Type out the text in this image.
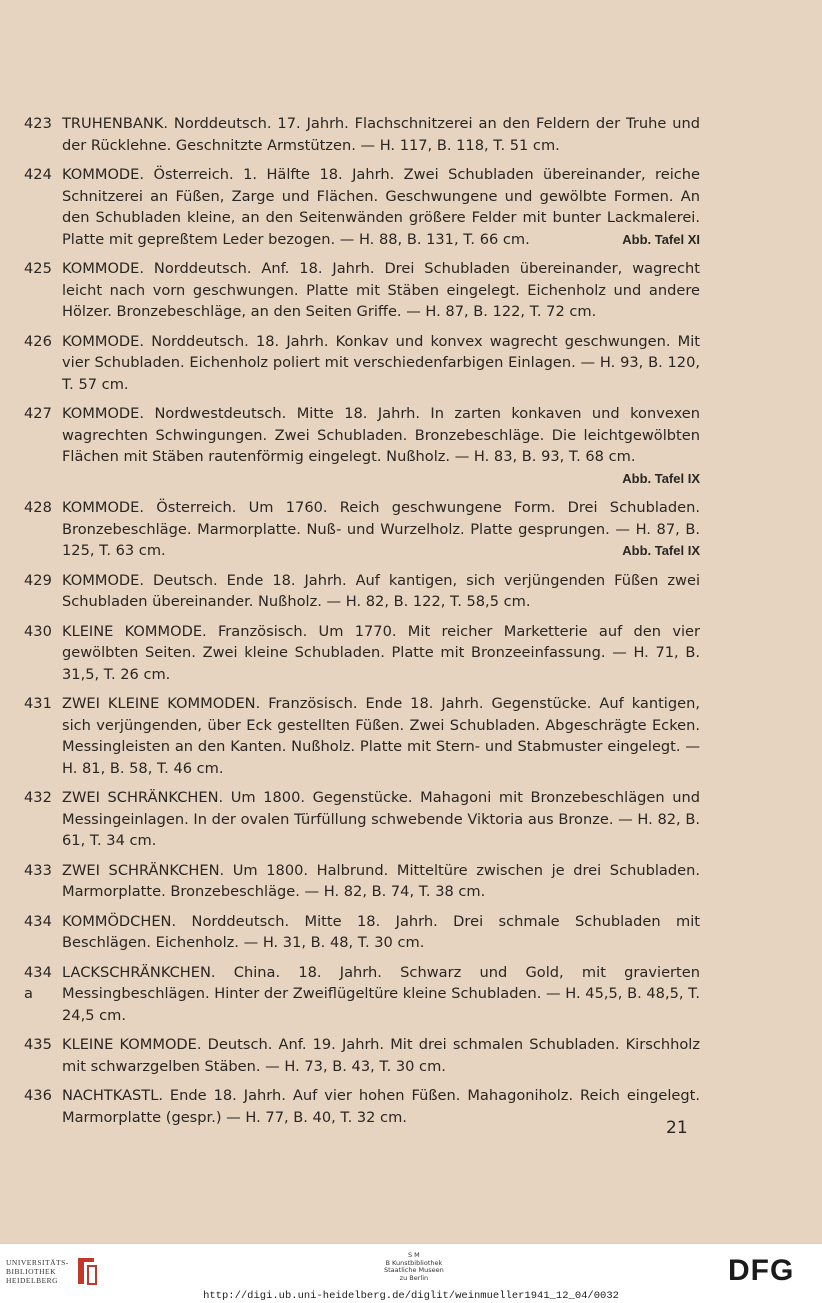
423 TRUHENBANK. Norddeutsch. 17. Jahrh. Flachschnitzerei an den Feldern der Truhe und der Rücklehne. Geschnitzte Armstützen. — H. 117, B. 118, T. 51 cm.
424 KOMMODE. Österreich. 1. Hälfte 18. Jahrh. Zwei Schubladen übereinander, reiche Schnitzerei an Füßen, Zarge und Flächen. Geschwungene und gewölbte Formen. An den Schubladen kleine, an den Seitenwänden größere Felder mit bunter Lackmalerei. Platte mit gepreßtem Leder bezogen. — H. 88, B. 131, T. 66 cm.	Abb. Tafel XI
425 KOMMODE. Norddeutsch. Anf. 18. Jahrh. Drei Schubladen übereinander, wagrecht leicht nach vorn geschwungen. Platte mit Stäben eingelegt. Eichenholz und andere Hölzer. Bronzebeschläge, an den Seiten Griffe. — H. 87, B. 122, T. 72 cm.
426 KOMMODE. Norddeutsch. 18. Jahrh. Konkav und konvex wagrecht geschwungen. Mit vier Schubladen. Eichenholz poliert mit verschiedenfarbigen Einlagen. — H. 93, B. 120, T. 57 cm.
427 KOMMODE. Nordwestdeutsch. Mitte 18. Jahrh. In zarten konkaven und konvexen wagrechten Schwingungen. Zwei Schubladen. Bronzebeschläge. Die leichtgewölbten Flächen mit Stäben rautenförmig eingelegt. Nußholz. — H. 83, B. 93, T. 68 cm.
Abb. Tafel IX
428 KOMMODE. Österreich. Um 1760. Reich geschwungene Form. Drei Schubladen. Bronzebeschläge. Marmorplatte. Nuß- und Wurzelholz. Platte gesprungen. — H. 87, B. 125, T. 63 cm.	Abb. Tafel IX
429 KOMMODE. Deutsch. Ende 18. Jahrh. Auf kantigen, sich verjüngenden Füßen zwei Schubladen übereinander. Nußholz. — H. 82, B. 122, T. 58,5 cm.
430 KLEINE KOMMODE. Französisch. Um 1770. Mit reicher Marketterie auf den vier gewölbten Seiten. Zwei kleine Schubladen. Platte mit Bronzeeinfassung. — H. 71, B. 31,5, T. 26 cm.
431 ZWEI KLEINE KOMMODEN. Französisch. Ende 18. Jahrh. Gegenstücke. Auf kantigen, sich verjüngenden, über Eck gestellten Füßen. Zwei Schubladen. Abgeschrägte Ecken. Messingleisten an den Kanten. Nußholz. Platte mit Stern- und Stabmuster eingelegt. — H. 81, B. 58, T. 46 cm.
432 ZWEI SCHRÄNKCHEN. Um 1800. Gegenstücke. Mahagoni mit Bronzebeschlägen und Messingeinlagen. In der ovalen Türfüllung schwebende Viktoria aus Bronze. — H. 82, B. 61, T. 34 cm.
433 ZWEI SCHRÄNKCHEN. Um 1800. Halbrund. Mitteltüre zwischen je drei Schubladen. Marmorplatte. Bronzebeschläge. — H. 82, B. 74, T. 38 cm.
434 KOMMÖDCHEN. Norddeutsch. Mitte 18. Jahrh. Drei schmale Schubladen mit Beschlägen. Eichenholz. — H. 31, B. 48, T. 30 cm.
434 a
LACKSCHRÄNKCHEN. China. 18. Jahrh. Schwarz und Gold, mit gravierten Messingbeschlägen. Hinter der Zweiflügeltüre kleine Schubladen. — H. 45,5, B. 48,5, T. 24,5 cm.
435 KLEINE KOMMODE. Deutsch. Anf. 19. Jahrh. Mit drei schmalen Schubladen. Kirschholz mit schwarzgelben Stäben. — H. 73, B. 43, T. 30 cm.
436 NACHTKASTL. Ende 18. Jahrh. Auf vier hohen Füßen. Mahagoniholz. Reich eingelegt. Marmorplatte (gespr.) — H. 77, B. 40, T. 32 cm.
21
UNIVERSITÄTS-
BIBLIOTHEK
HEIDELBERG
S M
B Kunstbibliothek
Staatliche Museen
zu Berlin	DFG
http://digi.ub.uni-heidelberg.de/diglit/weinmueller1941_12_04/0032
